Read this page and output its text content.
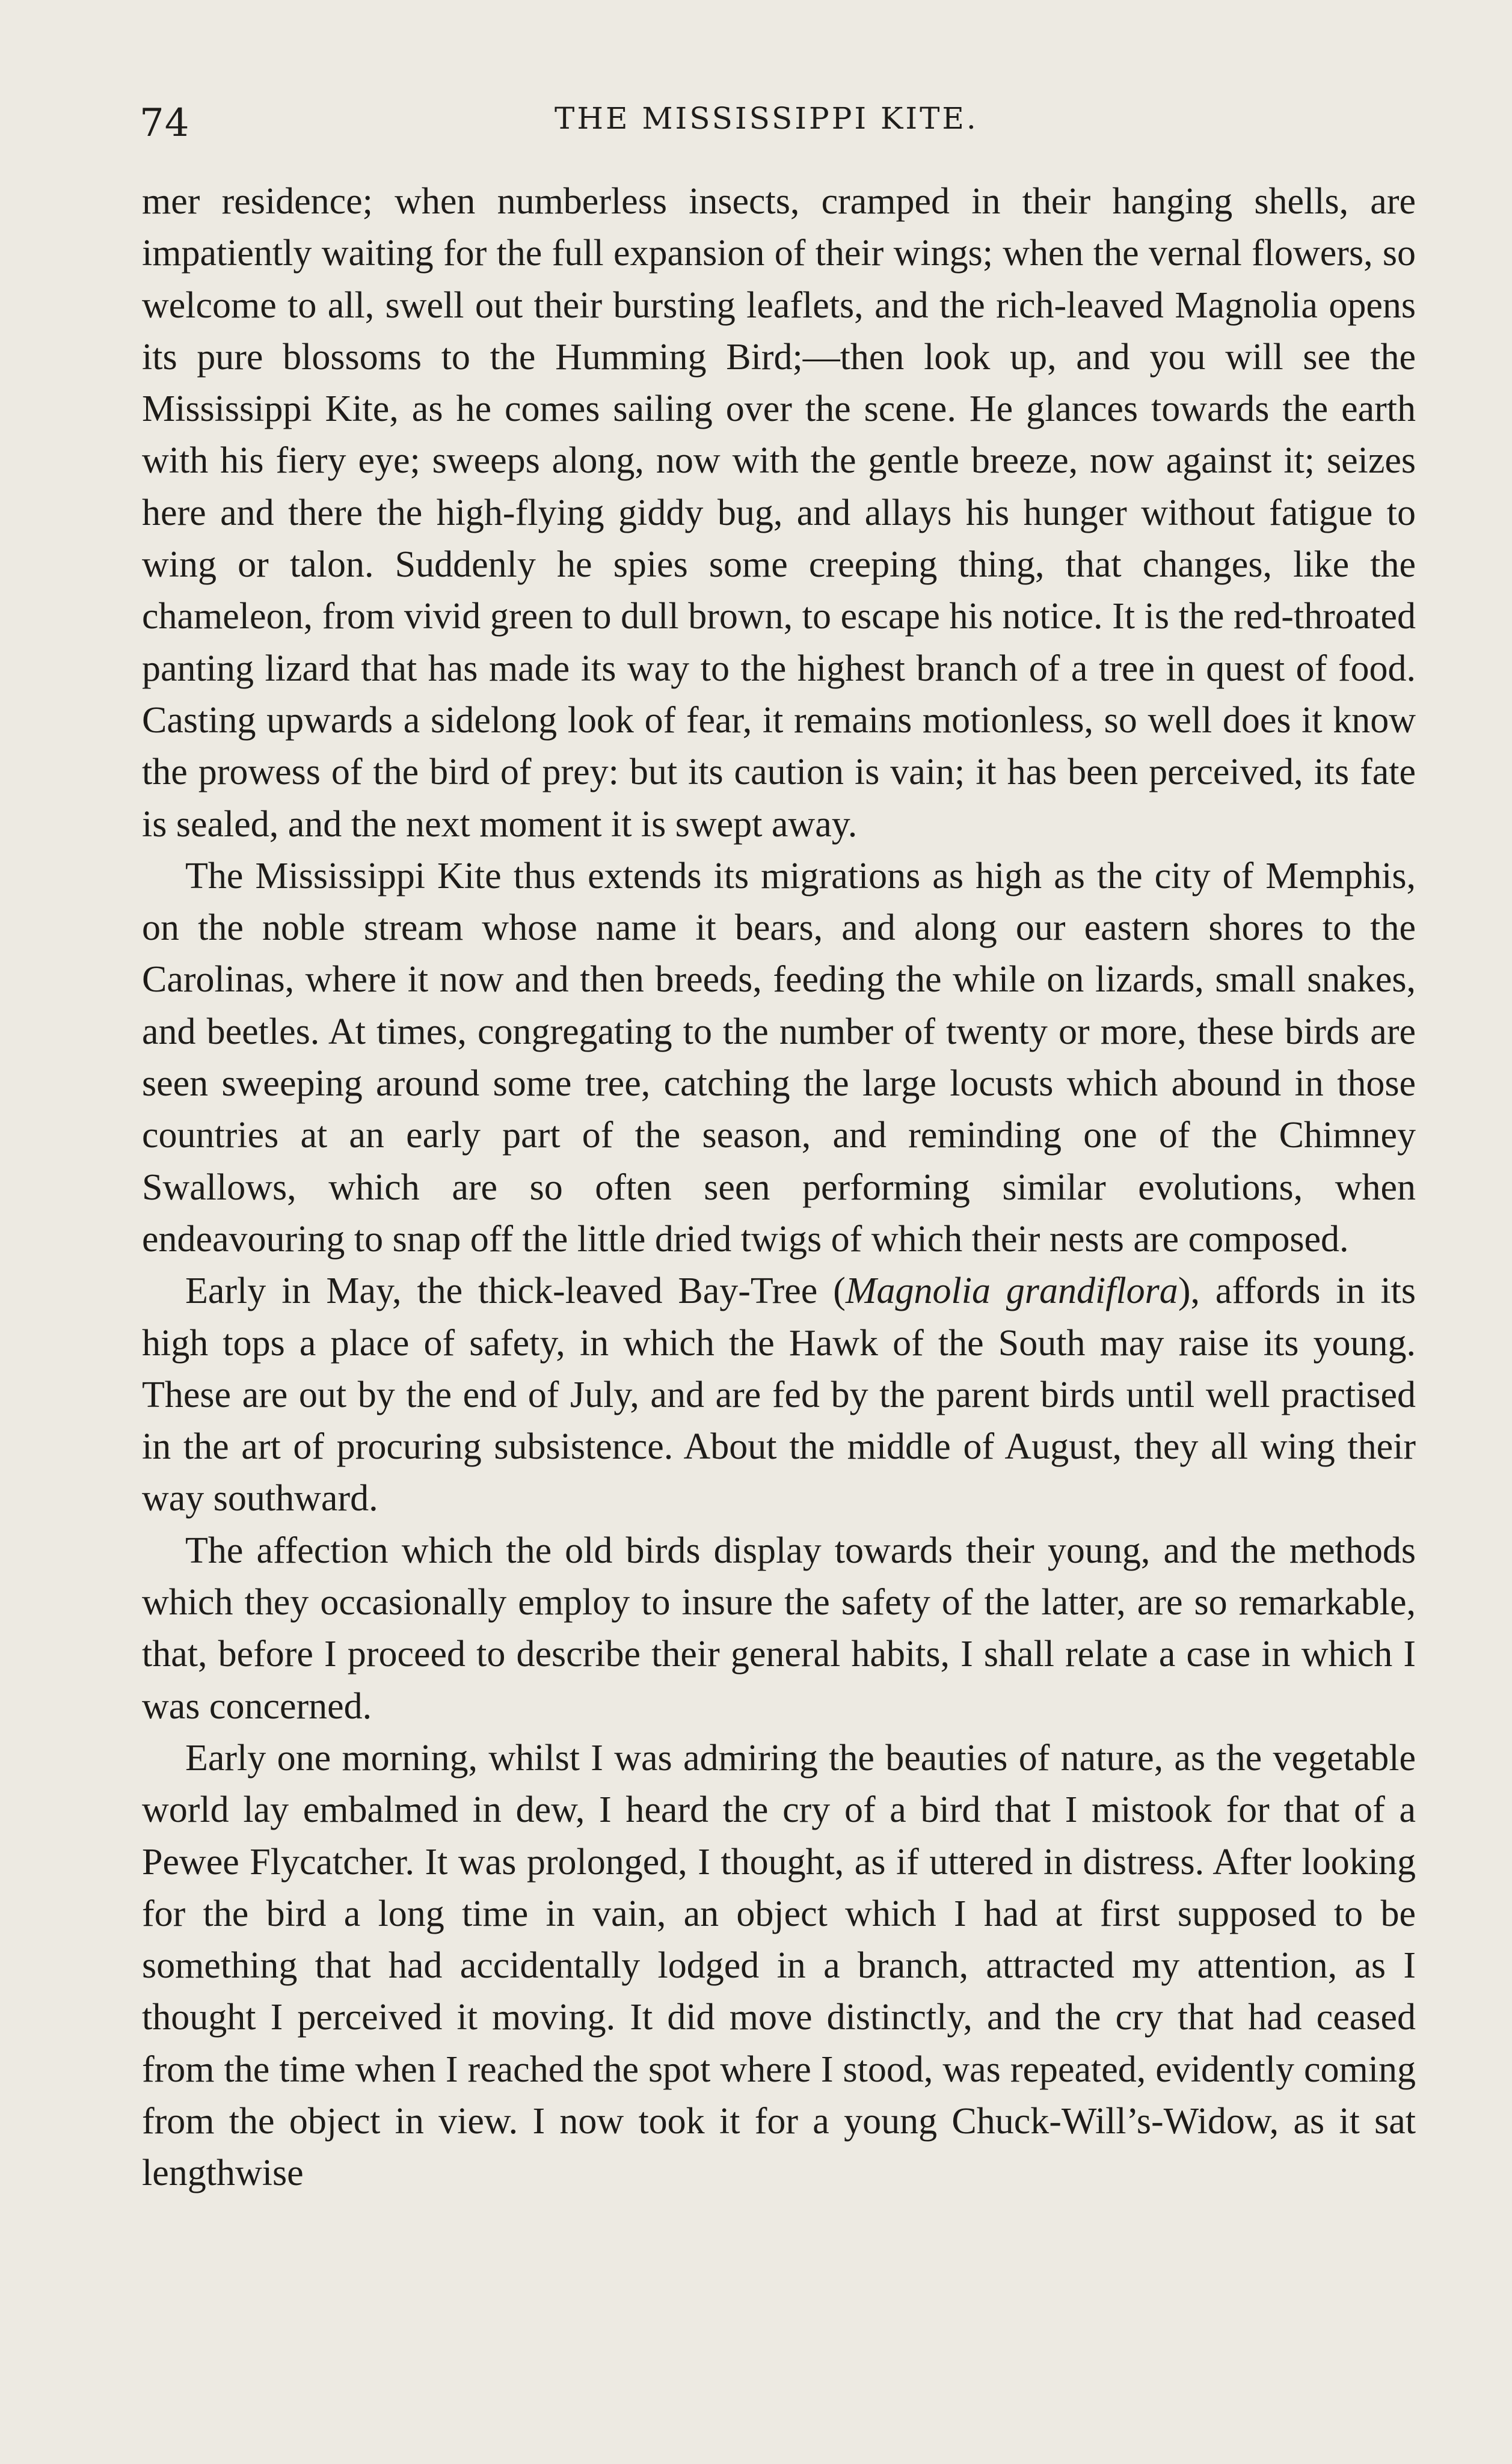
74	THE MISSISSIPPI KITE.

mer residence; when numberless insects, cramped in their hanging shells, are impatiently waiting for the full expansion of their wings; when the vernal flowers, so welcome to all, swell out their bursting leaflets, and the rich-leaved Magnolia opens its pure blossoms to the Humming Bird;—then look up, and you will see the Mississippi Kite, as he comes sailing over the scene. He glances towards the earth with his fiery eye; sweeps along, now with the gentle breeze, now against it; seizes here and there the high-flying giddy bug, and allays his hunger without fatigue to wing or talon. Suddenly he spies some creeping thing, that changes, like the chameleon, from vivid green to dull brown, to escape his notice. It is the red-throated panting lizard that has made its way to the highest branch of a tree in quest of food. Casting upwards a sidelong look of fear, it remains motionless, so well does it know the prowess of the bird of prey: but its caution is vain; it has been perceived, its fate is sealed, and the next moment it is swept away.

The Mississippi Kite thus extends its migrations as high as the city of Memphis, on the noble stream whose name it bears, and along our eastern shores to the Carolinas, where it now and then breeds, feeding the while on lizards, small snakes, and beetles. At times, congregating to the number of twenty or more, these birds are seen sweeping around some tree, catching the large locusts which abound in those countries at an early part of the season, and reminding one of the Chimney Swallows, which are so often seen performing similar evolutions, when endeavouring to snap off the little dried twigs of which their nests are composed.

Early in May, the thick-leaved Bay-Tree (Magnolia grandiflora), affords in its high tops a place of safety, in which the Hawk of the South may raise its young. These are out by the end of July, and are fed by the parent birds until well practised in the art of procuring subsistence. About the middle of August, they all wing their way southward.

The affection which the old birds display towards their young, and the methods which they occasionally employ to insure the safety of the latter, are so remarkable, that, before I proceed to describe their general habits, I shall relate a case in which I was concerned.

Early one morning, whilst I was admiring the beauties of nature, as the vegetable world lay embalmed in dew, I heard the cry of a bird that I mistook for that of a Pewee Flycatcher. It was prolonged, I thought, as if uttered in distress. After looking for the bird a long time in vain, an object which I had at first supposed to be something that had accidentally lodged in a branch, attracted my attention, as I thought I perceived it moving. It did move distinctly, and the cry that had ceased from the time when I reached the spot where I stood, was repeated, evidently coming from the object in view. I now took it for a young Chuck-Will’s-Widow, as it sat lengthwise
